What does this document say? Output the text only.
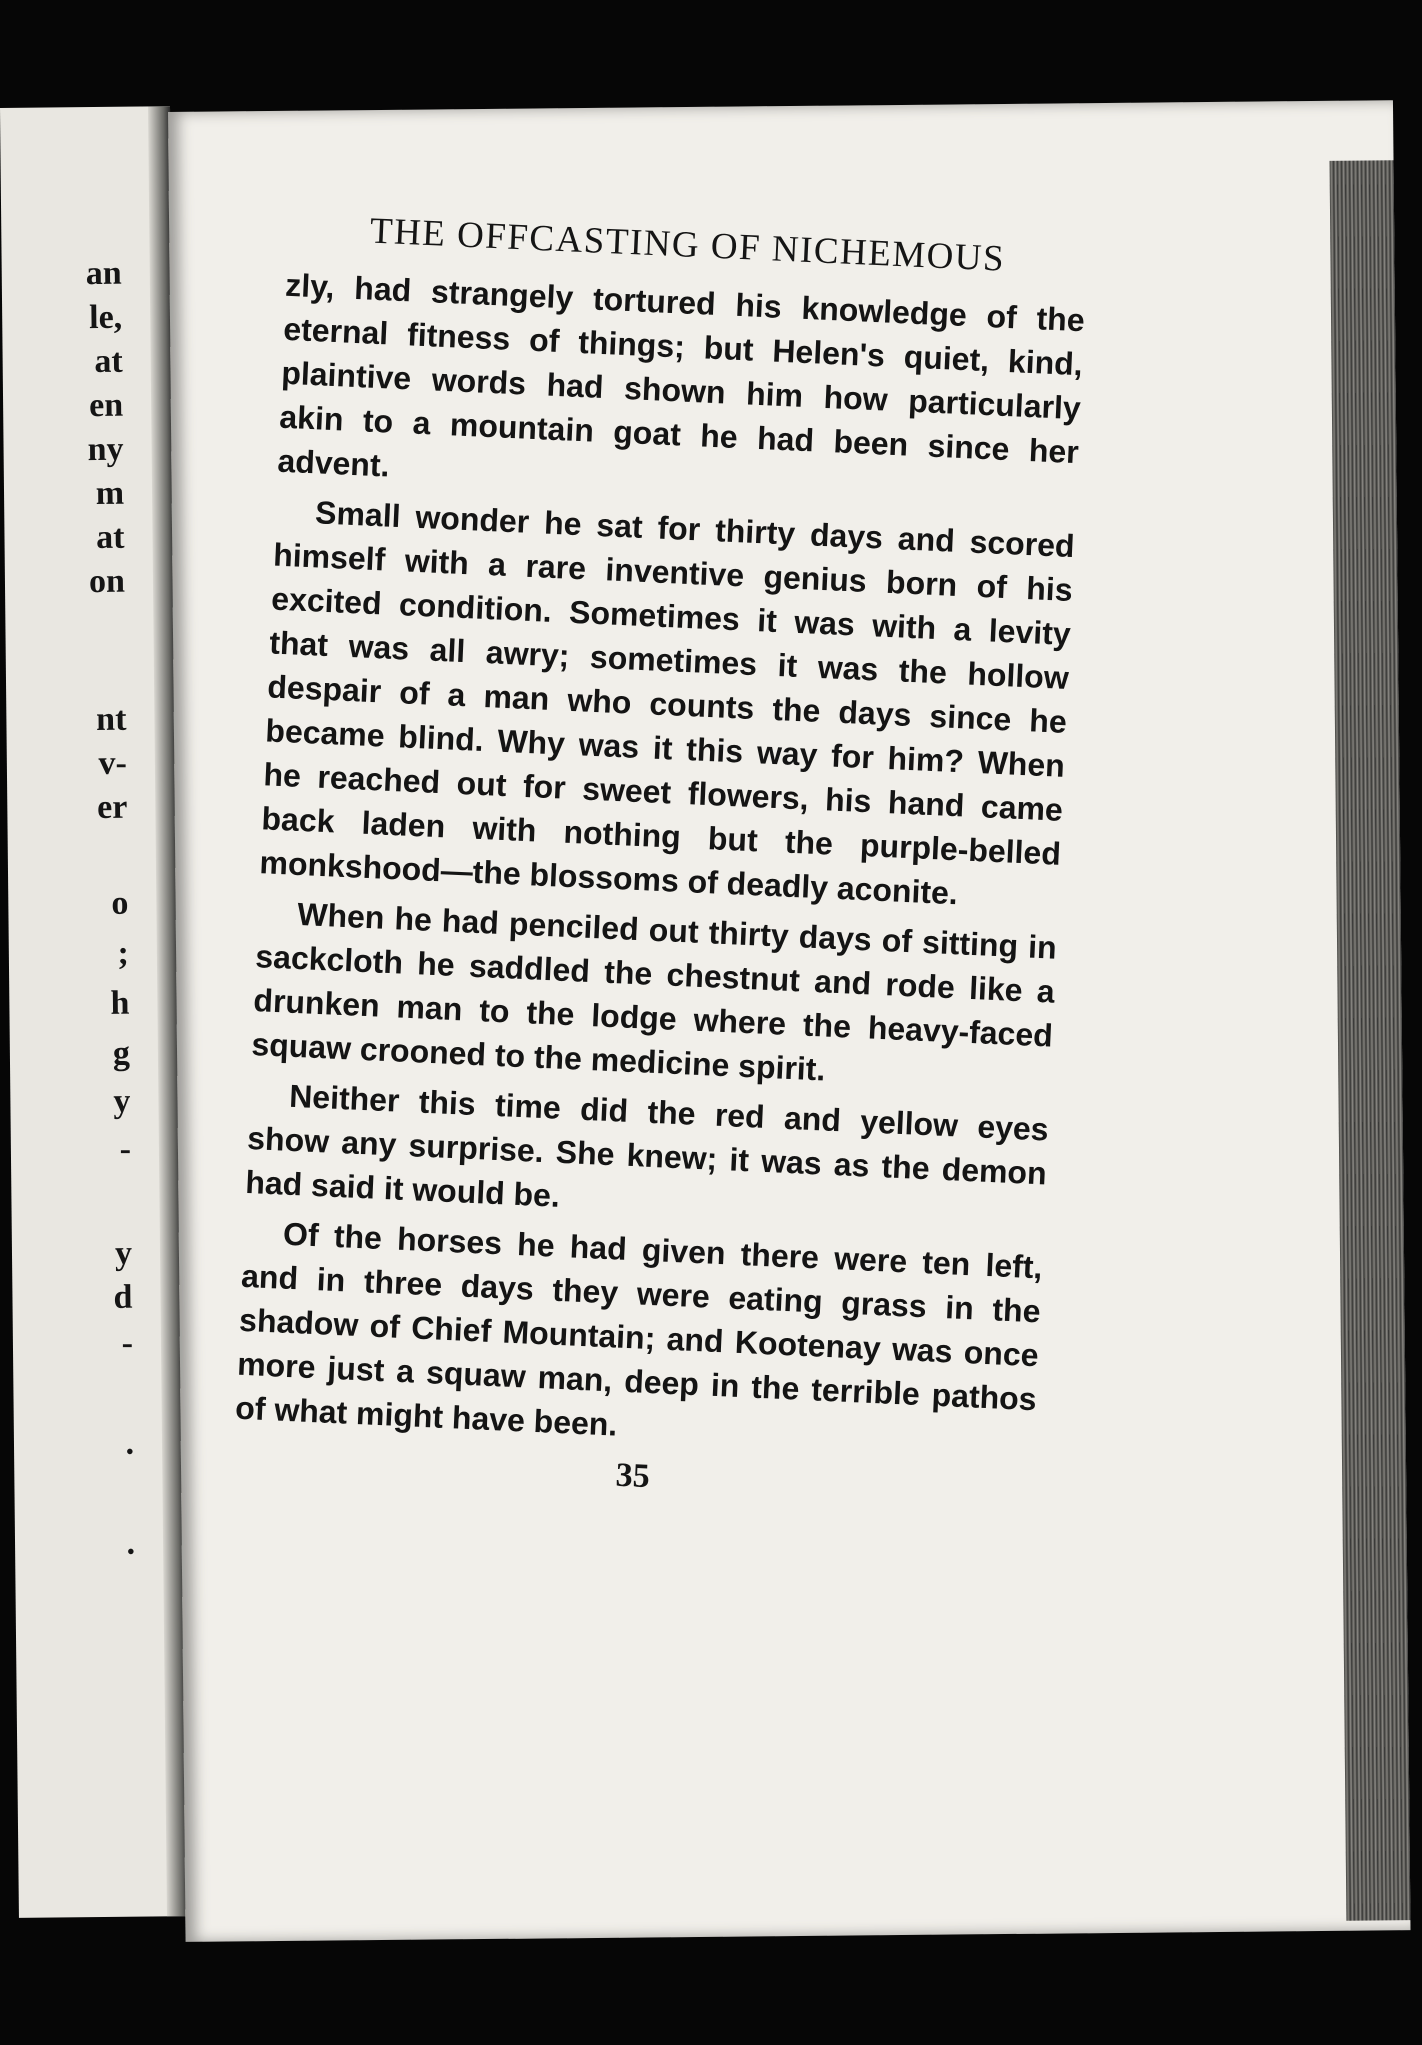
an
le,
at
en
ny
m
at
on
nt
v-
er
o
;
h
g
y
-
y
d
-
.
.
THE OFFCASTING OF NICHEMOUS

zly, had strangely tortured his knowledge of the eternal fitness of things; but Helen's quiet, kind, plaintive words had shown him how particularly akin to a mountain goat he had been since her advent.

Small wonder he sat for thirty days and scored himself with a rare inventive genius born of his excited condition. Sometimes it was with a levity that was all awry; sometimes it was the hollow despair of a man who counts the days since he became blind. Why was it this way for him? When he reached out for sweet flowers, his hand came back laden with nothing but the purple-belled monkshood—the blossoms of deadly aconite.

When he had penciled out thirty days of sitting in sackcloth he saddled the chestnut and rode like a drunken man to the lodge where the heavy-faced squaw crooned to the medicine spirit.

Neither this time did the red and yellow eyes show any surprise. She knew; it was as the demon had said it would be.

Of the horses he had given there were ten left, and in three days they were eating grass in the shadow of Chief Mountain; and Kootenay was once more just a squaw man, deep in the terrible pathos of what might have been.

35
